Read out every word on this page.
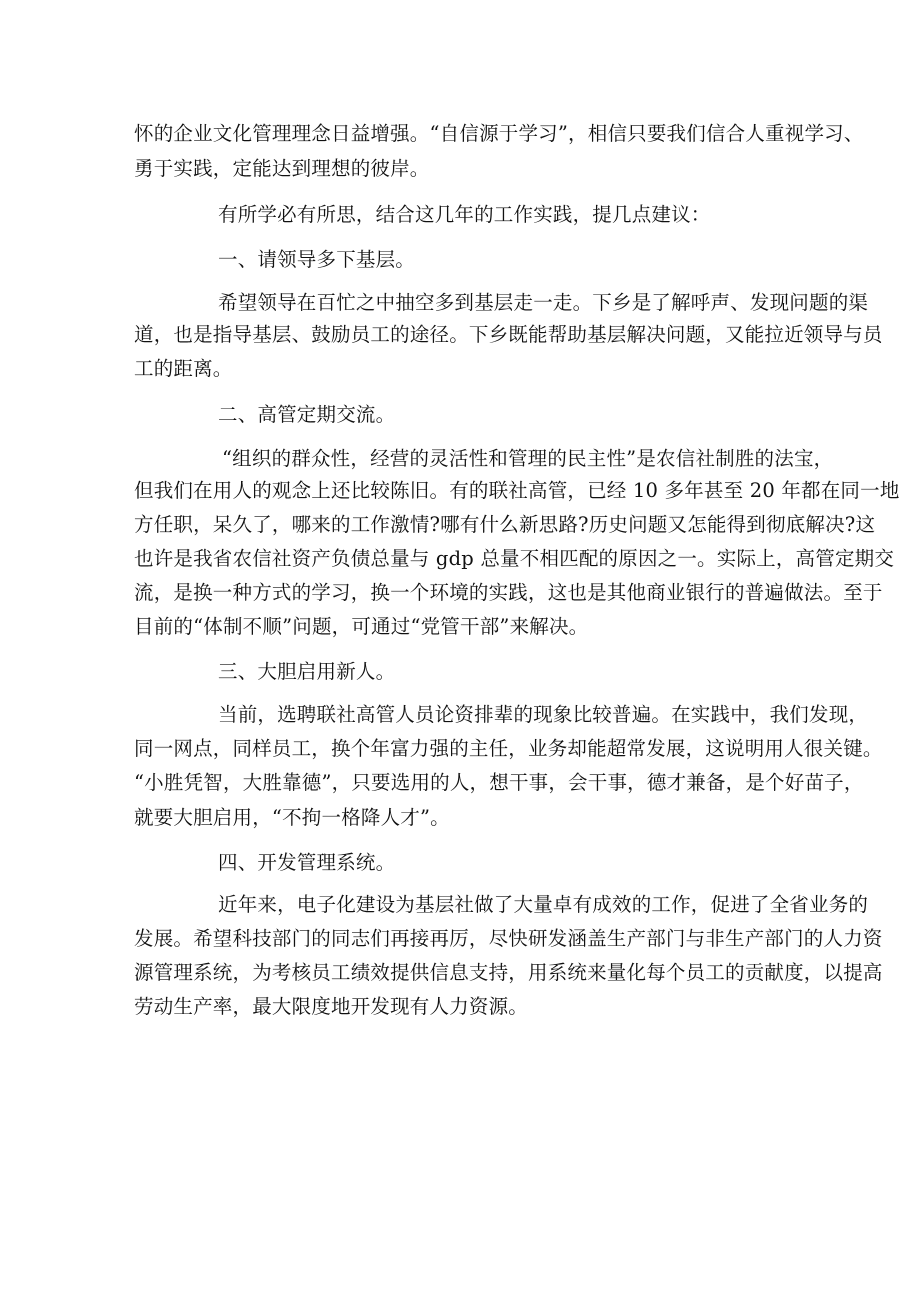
怀的企业文化管理理念日益增强。“自信源于学习”，相信只要我们信合人重视学习、
勇于实践，定能达到理想的彼岸。
有所学必有所思，结合这几年的工作实践，提几点建议：
一、请领导多下基层。
希望领导在百忙之中抽空多到基层走一走。下乡是了解呼声、发现问题的渠
道，也是指导基层、鼓励员工的途径。下乡既能帮助基层解决问题，又能拉近领导与员
工的距离。
二、高管定期交流。
“组织的群众性，经营的灵活性和管理的民主性”是农信社制胜的法宝，
但我们在用人的观念上还比较陈旧。有的联社高管，已经 10 多年甚至 20 年都在同一地
方任职，呆久了，哪来的工作激情?哪有什么新思路?历史问题又怎能得到彻底解决?这
也许是我省农信社资产负债总量与 gdp 总量不相匹配的原因之一。实际上，高管定期交
流，是换一种方式的学习，换一个环境的实践，这也是其他商业银行的普遍做法。至于
目前的“体制不顺”问题，可通过“党管干部”来解决。
三、大胆启用新人。
当前，选聘联社高管人员论资排辈的现象比较普遍。在实践中，我们发现，
同一网点，同样员工，换个年富力强的主任，业务却能超常发展，这说明用人很关键。
“小胜凭智，大胜靠德”，只要选用的人，想干事，会干事，德才兼备，是个好苗子，
就要大胆启用，“不拘一格降人才”。
四、开发管理系统。
近年来，电子化建设为基层社做了大量卓有成效的工作，促进了全省业务的
发展。希望科技部门的同志们再接再厉，尽快研发涵盖生产部门与非生产部门的人力资
源管理系统，为考核员工绩效提供信息支持，用系统来量化每个员工的贡献度，以提高
劳动生产率，最大限度地开发现有人力资源。
